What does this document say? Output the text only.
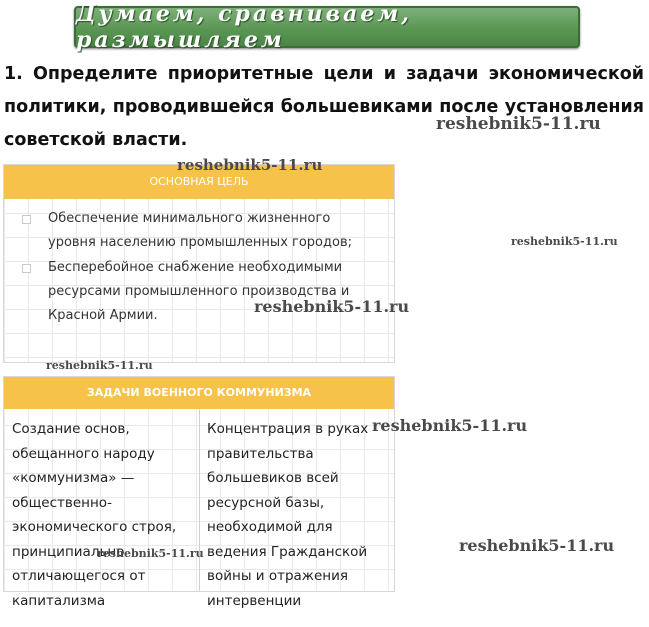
Думаем, сравниваем, размышляем
1. Определите приоритетные цели и задачи экономической политики, проводившейся большевиками после установления советской власти.
ОСНОВНАЯ ЦЕЛЬ
Обеспечение минимального жизненного уровня населению промышленных городов;
Бесперебойное снабжение необходимыми ресурсами промышленного производства и Красной Армии.
ЗАДАЧИ ВОЕННОГО КОММУНИЗМА
Создание основ, обещанного народу «коммунизма» — общественно-экономического строя, принципиально отличающегося от капитализма
Концентрация в руках правительства большевиков всей ресурсной базы, необходимой для ведения Гражданской войны и отражения интервенции
reshebnik5-11.ru
reshebnik5-11.ru
reshebnik5-11.ru
reshebnik5-11.ru
reshebnik5-11.ru
reshebnik5-11.ru
reshebnik5-11.ru	reshebnik5-11.ru
